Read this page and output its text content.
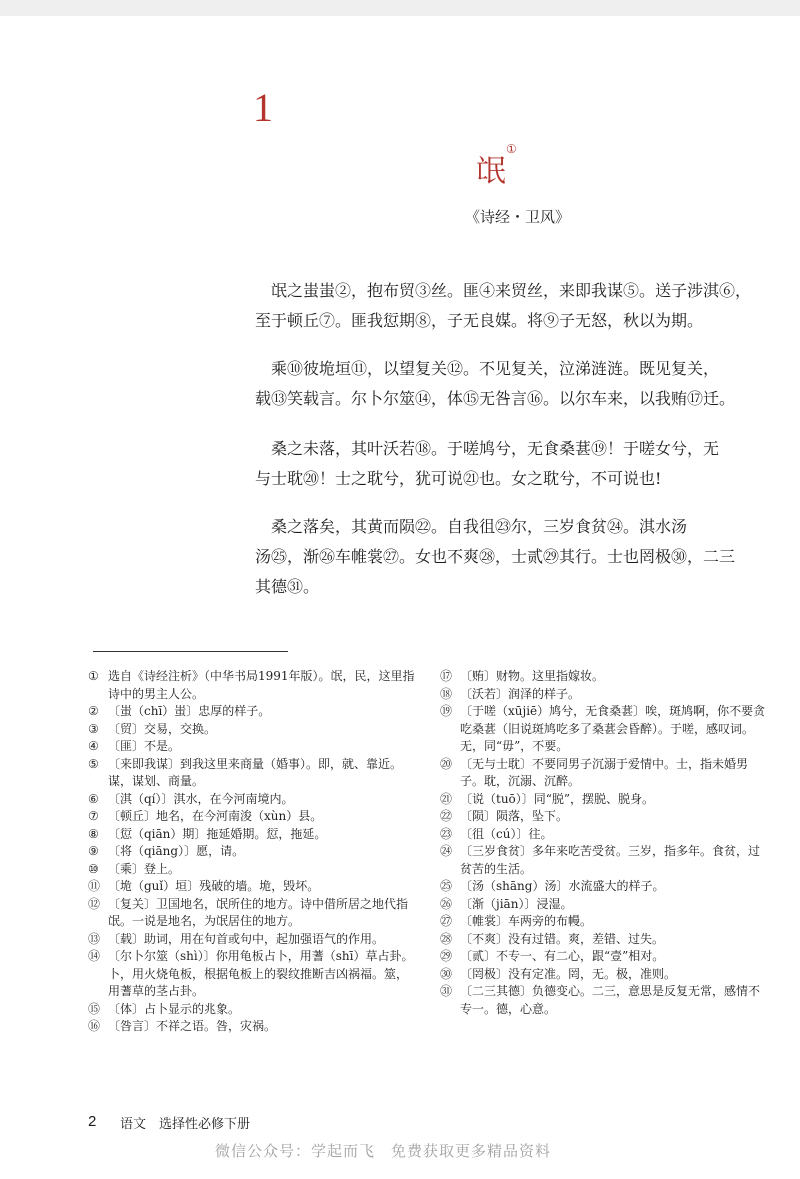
1
氓①
《诗经・卫风》
　氓之蚩蚩②，抱布贸③丝。匪④来贸丝，来即我谋⑤。送子涉淇⑥，
至于顿丘⑦。匪我愆期⑧，子无良媒。将⑨子无怒，秋以为期。
　乘⑩彼垝垣⑪，以望复关⑫。不见复关，泣涕涟涟。既见复关，
载⑬笑载言。尔卜尔筮⑭，体⑮无咎言⑯。以尔车来，以我贿⑰迁。
　桑之未落，其叶沃若⑱。于嗟鸠兮，无食桑葚⑲！于嗟女兮，无
与士耽⑳！士之耽兮，犹可说㉑也。女之耽兮，不可说也!
　桑之落矣，其黄而陨㉒。自我徂㉓尔，三岁食贫㉔。淇水汤
汤㉕，渐㉖车帷裳㉗。女也不爽㉘，士贰㉙其行。士也罔极㉚，二三
其德㉛。
① 选自《诗经注析》（中华书局1991年版）。氓，民，这里指诗中的男主人公。
② 〔蚩（chī）蚩〕忠厚的样子。
③ 〔贸〕交易，交换。
④ 〔匪〕不是。
⑤ 〔来即我谋〕到我这里来商量（婚事）。即，就、靠近。谋，谋划、商量。
⑥ 〔淇（qí）〕淇水，在今河南境内。
⑦ 〔顿丘〕地名，在今河南浚（xùn）县。
⑧ 〔愆（qiān）期〕拖延婚期。愆，拖延。
⑨ 〔将（qiāng）〕愿，请。
⑩ 〔乘〕登上。
⑪ 〔垝（guǐ）垣〕残破的墙。垝，毁坏。
⑫ 〔复关〕卫国地名，氓所住的地方。诗中借所居之地代指氓。一说是地名，为氓居住的地方。
⑬ 〔载〕助词，用在句首或句中，起加强语气的作用。
⑭ 〔尔卜尔筮（shì）〕你用龟板占卜，用蓍（shī）草占卦。卜，用火烧龟板，根据龟板上的裂纹推断吉凶祸福。筮，用蓍草的茎占卦。
⑮ 〔体〕占卜显示的兆象。
⑯ 〔咎言〕不祥之语。咎，灾祸。
⑰ 〔贿〕财物。这里指嫁妆。
⑱ 〔沃若〕润泽的样子。
⑲ 〔于嗟（xūjiē）鸠兮，无食桑葚〕唉，斑鸠啊，你不要贪吃桑葚（旧说斑鸠吃多了桑葚会昏醉）。于嗟，感叹词。无，同“毋”，不要。
⑳ 〔无与士耽〕不要同男子沉溺于爱情中。士，指未婚男子。耽，沉溺、沉醉。
㉑ 〔说（tuō）〕同“脱”，摆脱、脱身。
㉒ 〔陨〕陨落，坠下。
㉓ 〔徂（cú）〕往。
㉔ 〔三岁食贫〕多年来吃苦受贫。三岁，指多年。食贫，过贫苦的生活。
㉕ 〔汤（shāng）汤〕水流盛大的样子。
㉖ 〔渐（jiān）〕浸湿。
㉗ 〔帷裳〕车两旁的布幔。
㉘ 〔不爽〕没有过错。爽，差错、过失。
㉙ 〔贰〕不专一、有二心，跟“壹”相对。
㉚ 〔罔极〕没有定准。罔，无。极，准则。
㉛ 〔二三其德〕负德变心。二三，意思是反复无常，感情不专一。德，心意。
2 语文　选择性必修下册
微信公众号：学起而飞　免费获取更多精品资料
